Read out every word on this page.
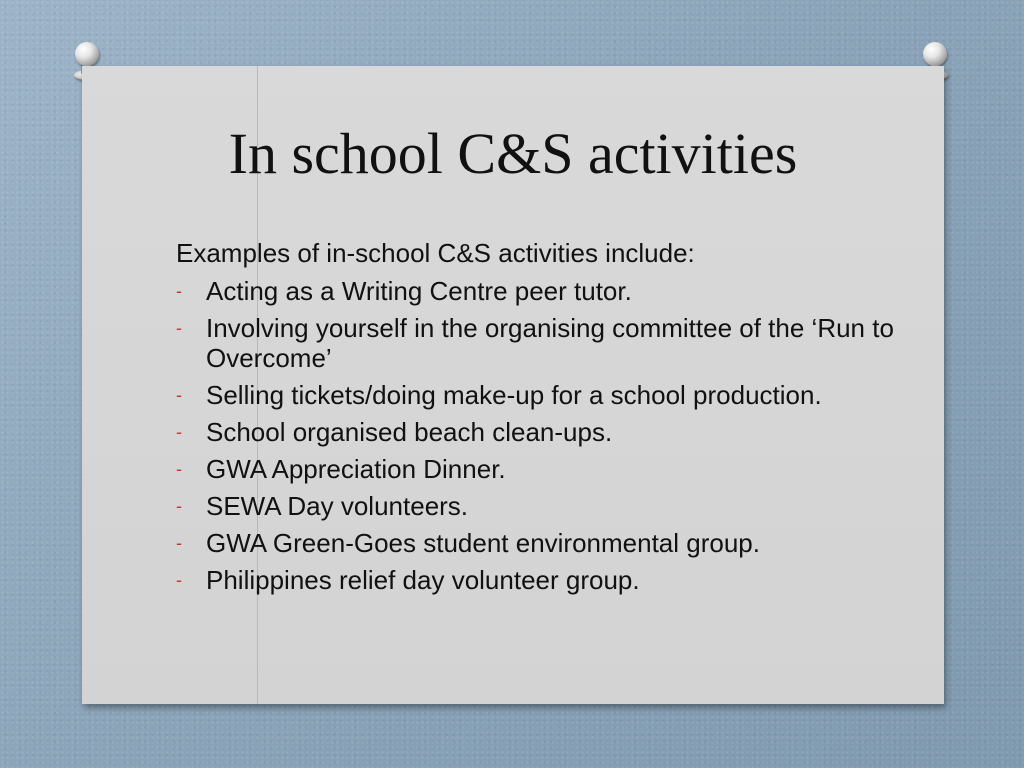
In school C&S activities

Examples of in-school C&S activities include:

- Acting as a Writing Centre peer tutor.
- Involving yourself in the organising committee of the ‘Run to Overcome’
- Selling tickets/doing make-up for a school production.
- School organised beach clean-ups.
- GWA Appreciation Dinner.
- SEWA Day volunteers.
- GWA Green-Goes student environmental group.
- Philippines relief day volunteer group.
